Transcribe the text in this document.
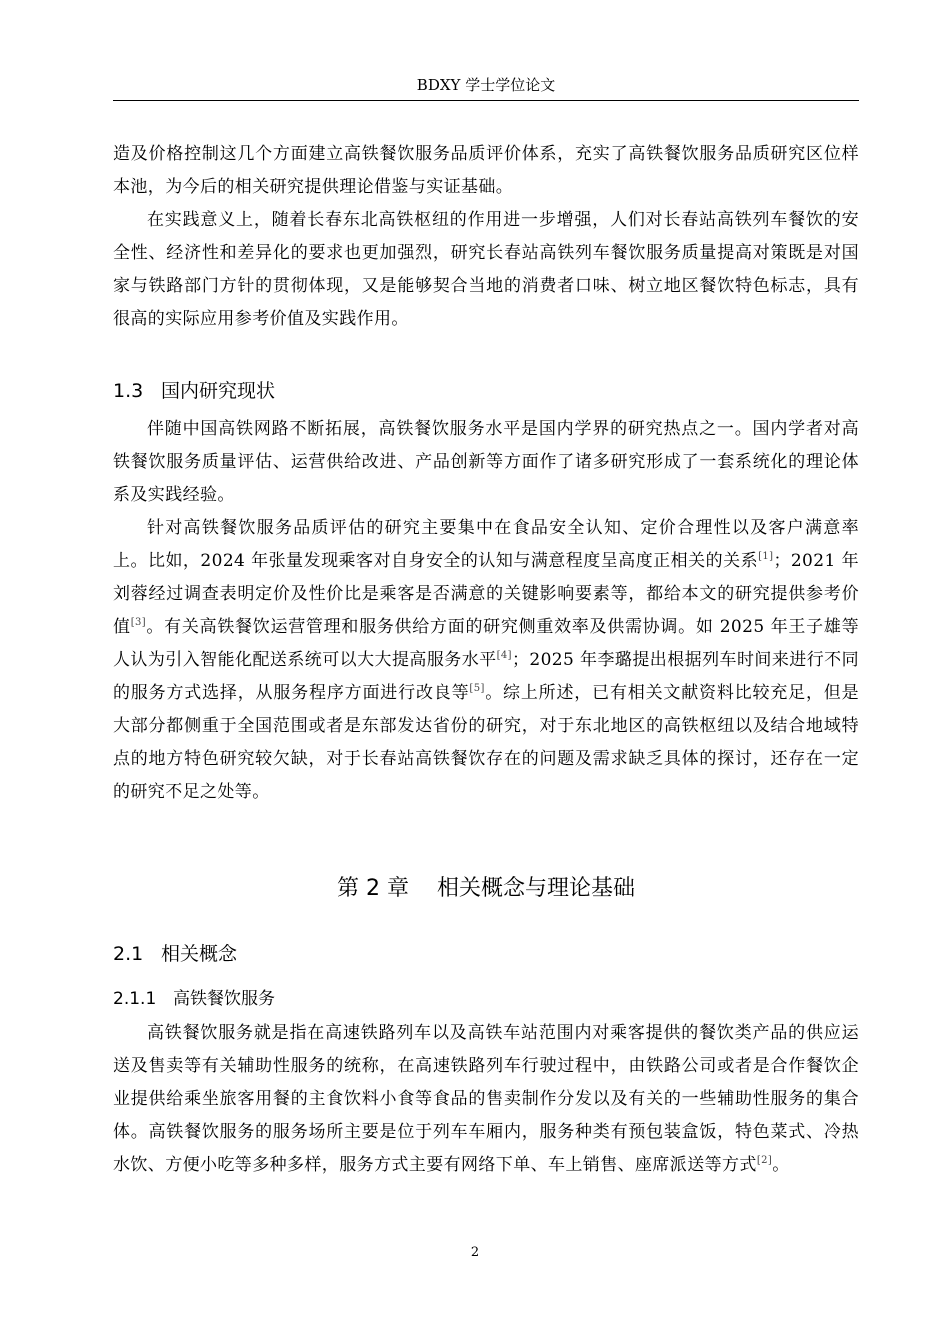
BDXY 学士学位论文

造及价格控制这几个方面建立高铁餐饮服务品质评价体系，充实了高铁餐饮服务品质研究区位样本池，为今后的相关研究提供理论借鉴与实证基础。

在实践意义上，随着长春东北高铁枢纽的作用进一步增强，人们对长春站高铁列车餐饮的安全性、经济性和差异化的要求也更加强烈，研究长春站高铁列车餐饮服务质量提高对策既是对国家与铁路部门方针的贯彻体现，又是能够契合当地的消费者口味、树立地区餐饮特色标志，具有很高的实际应用参考价值及实践作用。

1.3 国内研究现状

伴随中国高铁网路不断拓展，高铁餐饮服务水平是国内学界的研究热点之一。国内学者对高铁餐饮服务质量评估、运营供给改进、产品创新等方面作了诸多研究形成了一套系统化的理论体系及实践经验。

针对高铁餐饮服务品质评估的研究主要集中在食品安全认知、定价合理性以及客户满意率上。比如，2024 年张量发现乘客对自身安全的认知与满意程度呈高度正相关的关系[1]；2021 年刘蓉经过调查表明定价及性价比是乘客是否满意的关键影响要素等，都给本文的研究提供参考价值[3]。有关高铁餐饮运营管理和服务供给方面的研究侧重效率及供需协调。如 2025 年王子雄等人认为引入智能化配送系统可以大大提高服务水平[4]；2025 年李璐提出根据列车时间来进行不同的服务方式选择，从服务程序方面进行改良等[5]。综上所述，已有相关文献资料比较充足，但是大部分都侧重于全国范围或者是东部发达省份的研究，对于东北地区的高铁枢纽以及结合地域特点的地方特色研究较欠缺，对于长春站高铁餐饮存在的问题及需求缺乏具体的探讨，还存在一定的研究不足之处等。

第 2 章 相关概念与理论基础
2.1 相关概念
2.1.1 高铁餐饮服务

高铁餐饮服务就是指在高速铁路列车以及高铁车站范围内对乘客提供的餐饮类产品的供应运送及售卖等有关辅助性服务的统称，在高速铁路列车行驶过程中，由铁路公司或者是合作餐饮企业提供给乘坐旅客用餐的主食饮料小食等食品的售卖制作分发以及有关的一些辅助性服务的集合体。高铁餐饮服务的服务场所主要是位于列车车厢内，服务种类有预包装盒饭，特色菜式、冷热水饮、方便小吃等多种多样，服务方式主要有网络下单、车上销售、座席派送等方式[2]。

2
